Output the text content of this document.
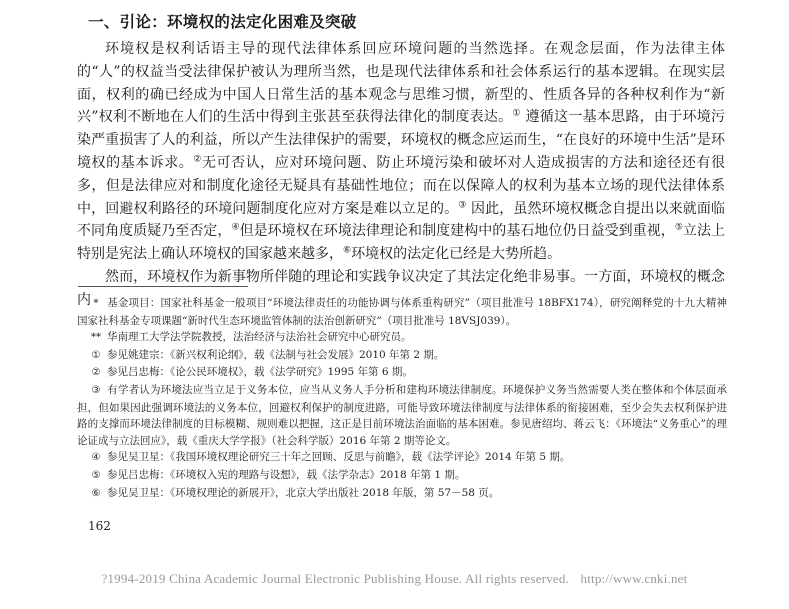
一、引论：环境权的法定化困难及突破

环境权是权利话语主导的现代法律体系回应环境问题的当然选择。在观念层面，作为法律主体的“人”的权益当受法律保护被认为理所当然，也是现代法律体系和社会体系运行的基本逻辑。在现实层面，权利的确已经成为中国人日常生活的基本观念与思维习惯，新型的、性质各异的各种权利作为“新兴”权利不断地在人们的生活中得到主张甚至获得法律化的制度表达。① 遵循这一基本思路，由于环境污染严重损害了人的利益，所以产生法律保护的需要，环境权的概念应运而生，“在良好的环境中生活”是环境权的基本诉求。②无可否认，应对环境问题、防止环境污染和破坏对人造成损害的方法和途径还有很多，但是法律应对和制度化途径无疑具有基础性地位；而在以保障人的权利为基本立场的现代法律体系中，回避权利路径的环境问题制度化应对方案是难以立足的。③ 因此，虽然环境权概念自提出以来就面临不同角度质疑乃至否定，④但是环境权在环境法律理论和制度建构中的基石地位仍日益受到重视，⑤立法上特别是宪法上确认环境权的国家越来越多，⑥环境权的法定化已经是大势所趋。

然而，环境权作为新事物所伴随的理论和实践争议决定了其法定化绝非易事。一方面，环境权的概念内 * 基金项目：国家社科基金一般项目“环境法律责任的功能协调与体系重构研究”（项目批准号 18BFX174），研究阐释党的十九大精神国家社科基金专项课题“新时代生态环境监管体制的法治创新研究”（项目批准号 18VSJ039）。

** 华南理工大学法学院教授，法治经济与法治社会研究中心研究员。

① 参见姚建宗：《新兴权利论纲》，载《法制与社会发展》2010 年第 2 期。

② 参见吕忠梅：《论公民环境权》，载《法学研究》1995 年第 6 期。

③ 有学者认为环境法应当立足于义务本位，应当从义务人手分析和建构环境法律制度。环境保护义务当然需要人类在整体和个体层面承担，但如果因此强调环境法的义务本位，回避权利保护的制度进路，可能导致环境法律制度与法律体系的衔接困难，至少会失去权利保护进路的支撑而环境法律制度的目标模糊、规则难以把握，这正是目前环境法治面临的基本困难。参见唐绍均、蒋云飞：《环境法“义务重心”的理论证成与立法回应》，载《重庆大学学报》（社会科学版）2016 年第 2 期等论文。

④ 参见吴卫星：《我国环境权理论研究三十年之回顾、反思与前瞻》，载《法学评论》2014 年第 5 期。

⑤ 参见吕忠梅：《环境权入宪的理路与设想》，载《法学杂志》2018 年第 1 期。

⑥ 参见吴卫星：《环境权理论的新展开》，北京大学出版社 2018 年版，第 57－58 页。

162
?1994-2019 China Academic Journal Electronic Publishing House. All rights reserved. http://www.cnki.net
